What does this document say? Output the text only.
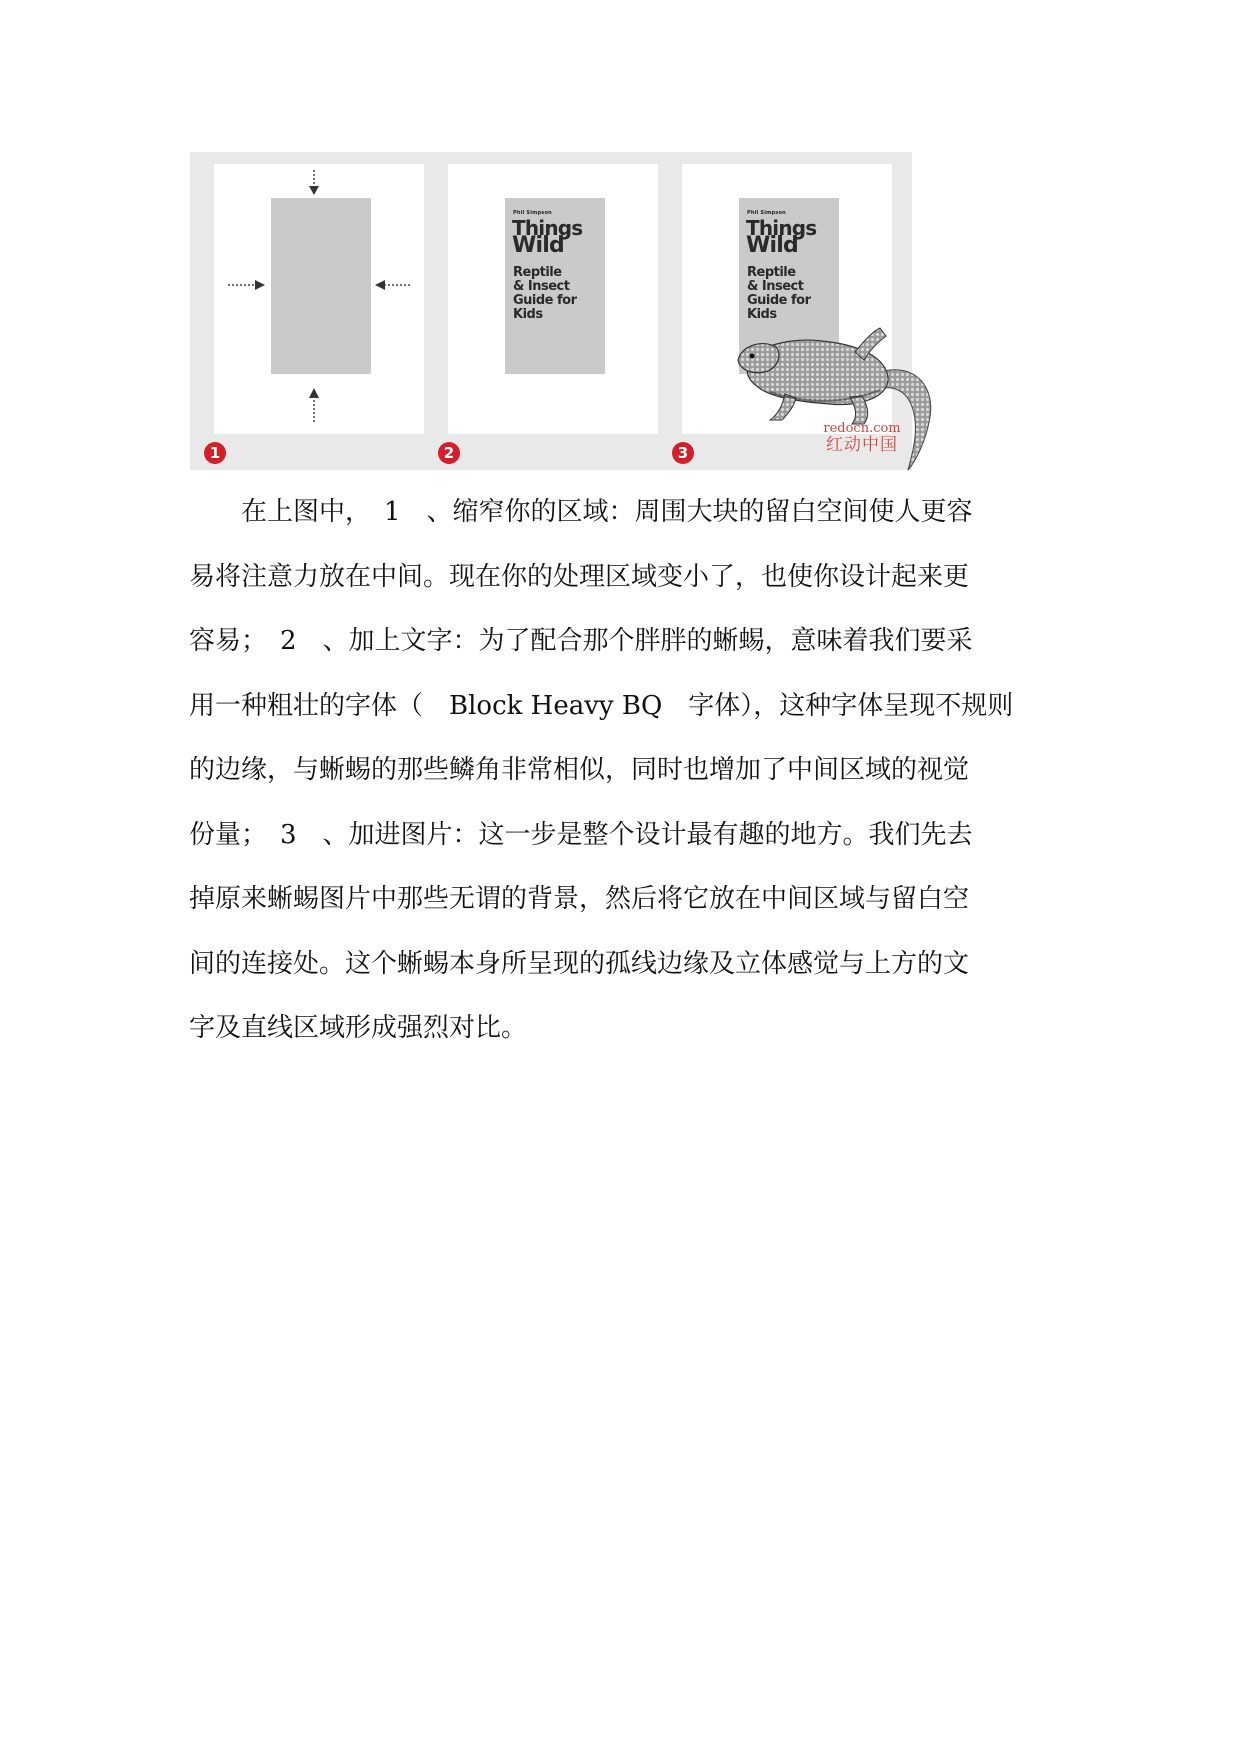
Phil Simpson
Things
Wild
Reptile
& Insect
Guide for
Kids
Phil Simpson
Things
Wild
Reptile
& Insect
Guide for
Kids
1	2	3
redocn.com
红动中国
　　在上图中，　1　、缩窄你的区域：周围大块的留白空间使人更容
易将注意力放在中间。现在你的处理区域变小了，也使你设计起来更
容易；　2　、加上文字：为了配合那个胖胖的蜥蜴，意味着我们要采
用一种粗壮的字体（　Block Heavy BQ　字体），这种字体呈现不规则
的边缘，与蜥蜴的那些鳞角非常相似，同时也增加了中间区域的视觉
份量；　3　、加进图片：这一步是整个设计最有趣的地方。我们先去
掉原来蜥蜴图片中那些无谓的背景，然后将它放在中间区域与留白空
间的连接处。这个蜥蜴本身所呈现的孤线边缘及立体感觉与上方的文
字及直线区域形成强烈对比。
